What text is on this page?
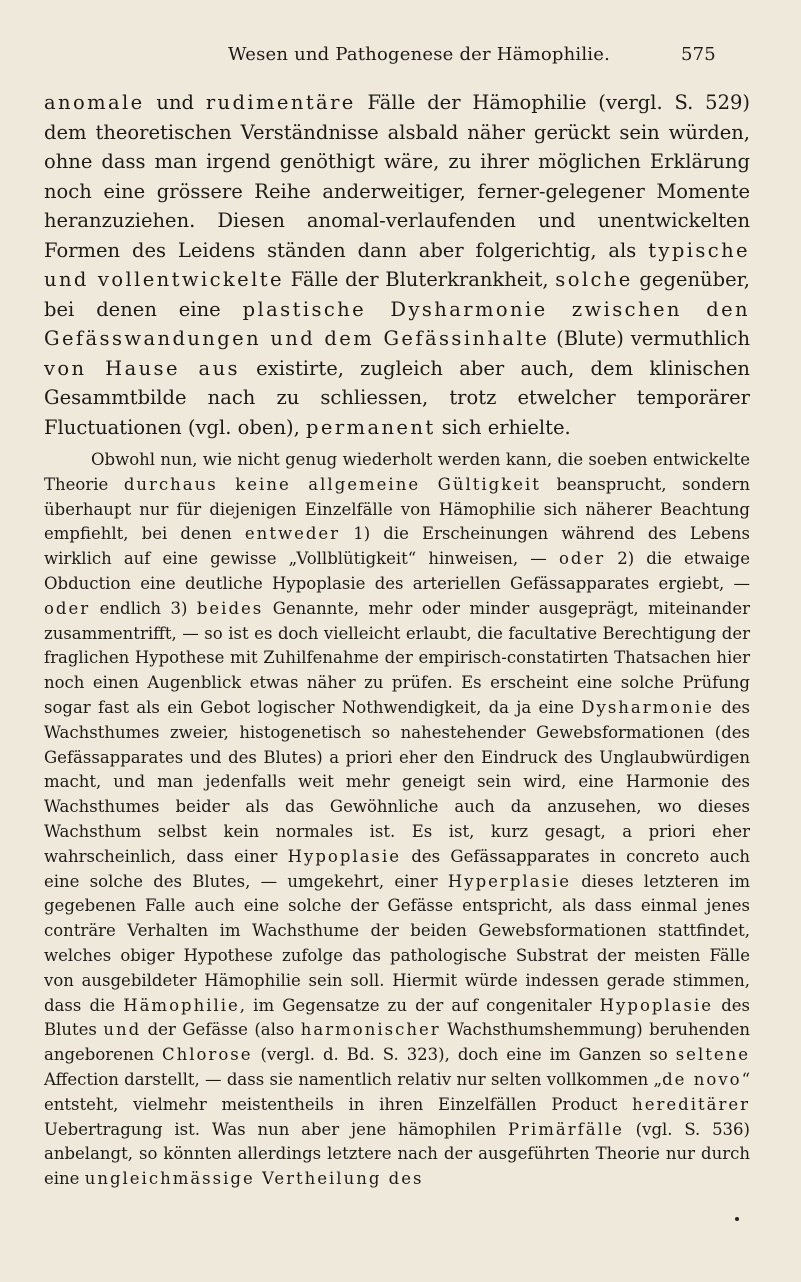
Wesen und Pathogenese der Hämophilie.	575

anomale und rudimentäre Fälle der Hämophilie (vergl. S. 529) dem theoretischen Verständnisse alsbald näher gerückt sein würden, ohne dass man irgend genöthigt wäre, zu ihrer möglichen Erklärung noch eine grössere Reihe anderweitiger, ferner-gelegener Momente heranzuziehen. Diesen anomal-verlaufenden und unentwickelten Formen des Leidens ständen dann aber folgerichtig, als typische und vollentwickelte Fälle der Bluterkrankheit, solche gegenüber, bei denen eine plastische Dysharmonie zwischen den Gefässwandungen und dem Gefässinhalte (Blute) vermuthlich von Hause aus existirte, zugleich aber auch, dem klinischen Gesammtbilde nach zu schliessen, trotz etwelcher temporärer Fluctuationen (vgl. oben), permanent sich erhielte.

Obwohl nun, wie nicht genug wiederholt werden kann, die soeben entwickelte Theorie durchaus keine allgemeine Gültigkeit beansprucht, sondern überhaupt nur für diejenigen Einzelfälle von Hämophilie sich näherer Beachtung empfiehlt, bei denen entweder 1) die Erscheinungen während des Lebens wirklich auf eine gewisse „Vollblütigkeit“ hinweisen, — oder 2) die etwaige Obduction eine deutliche Hypoplasie des arteriellen Gefässapparates ergiebt, — oder endlich 3) beides Genannte, mehr oder minder ausgeprägt, miteinander zusammentrifft, — so ist es doch vielleicht erlaubt, die facultative Berechtigung der fraglichen Hypothese mit Zuhilfenahme der empirisch-constatirten Thatsachen hier noch einen Augenblick etwas näher zu prüfen. Es erscheint eine solche Prüfung sogar fast als ein Gebot logischer Nothwendigkeit, da ja eine Dysharmonie des Wachsthumes zweier, histogenetisch so nahestehender Gewebsformationen (des Gefässapparates und des Blutes) a priori eher den Eindruck des Unglaubwürdigen macht, und man jedenfalls weit mehr geneigt sein wird, eine Harmonie des Wachsthumes beider als das Gewöhnliche auch da anzusehen, wo dieses Wachsthum selbst kein normales ist. Es ist, kurz gesagt, a priori eher wahrscheinlich, dass einer Hypoplasie des Gefässapparates in concreto auch eine solche des Blutes, — umgekehrt, einer Hyperplasie dieses letzteren im gegebenen Falle auch eine solche der Gefässe entspricht, als dass einmal jenes conträre Verhalten im Wachsthume der beiden Gewebsformationen stattfindet, welches obiger Hypothese zufolge das pathologische Substrat der meisten Fälle von ausgebildeter Hämophilie sein soll. Hiermit würde indessen gerade stimmen, dass die Hämophilie, im Gegensatze zu der auf congenitaler Hypoplasie des Blutes und der Gefässe (also harmonischer Wachsthumshemmung) beruhenden angeborenen Chlorose (vergl. d. Bd. S. 323), doch eine im Ganzen so seltene Affection darstellt, — dass sie namentlich relativ nur selten vollkommen „de novo“ entsteht, vielmehr meistentheils in ihren Einzelfällen Product hereditärer Uebertragung ist. Was nun aber jene hämophilen Primärfälle (vgl. S. 536) anbelangt, so könnten allerdings letztere nach der ausgeführten Theorie nur durch eine ungleichmässige Vertheilung des
